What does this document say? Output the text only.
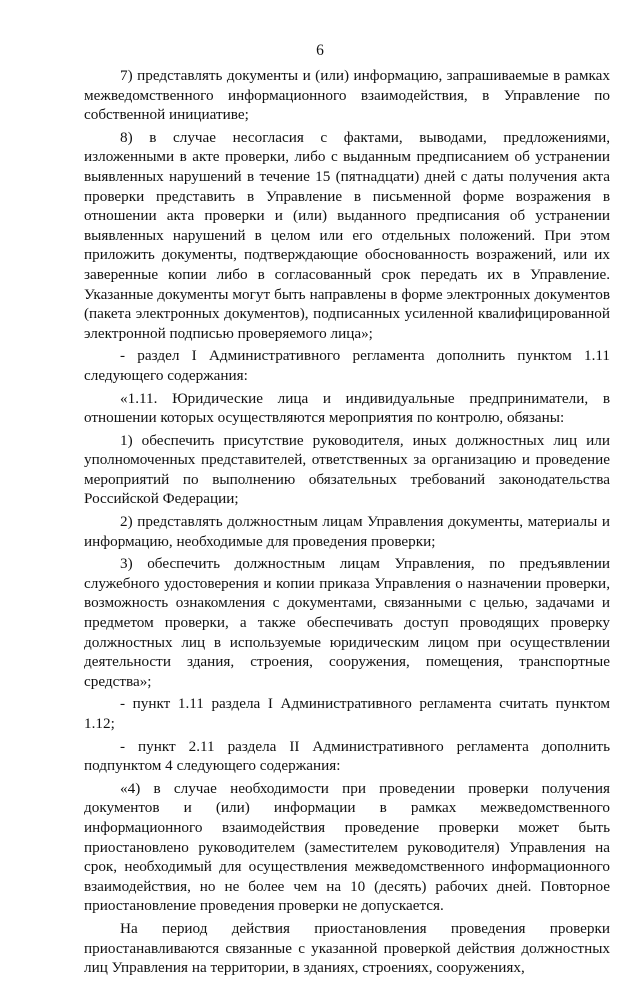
6

7) представлять документы и (или) информацию, запрашиваемые в рамках межведомственного информационного взаимодействия, в Управление по собственной инициативе;

8) в случае несогласия с фактами, выводами, предложениями, изложенными в акте проверки, либо с выданным предписанием об устранении выявленных нарушений в течение 15 (пятнадцати) дней с даты получения акта проверки представить в Управление в письменной форме возражения в отношении акта проверки и (или) выданного предписания об устранении выявленных нарушений в целом или его отдельных положений. При этом приложить документы, подтверждающие обоснованность возражений, или их заверенные копии либо в согласованный срок передать их в Управление. Указанные документы могут быть направлены в форме электронных документов (пакета электронных документов), подписанных усиленной квалифицированной электронной подписью проверяемого лица»;

- раздел I Административного регламента дополнить пунктом 1.11 следующего содержания:

«1.11. Юридические лица и индивидуальные предприниматели, в отношении которых осуществляются мероприятия по контролю, обязаны:

1) обеспечить присутствие руководителя, иных должностных лиц или уполномоченных представителей, ответственных за организацию и проведение мероприятий по выполнению обязательных требований законодательства Российской Федерации;

2) представлять должностным лицам Управления документы, материалы и информацию, необходимые для проведения проверки;

3) обеспечить должностным лицам Управления, по предъявлении служебного удостоверения и копии приказа Управления о назначении проверки, возможность ознакомления с документами, связанными с целью, задачами и предметом проверки, а также обеспечивать доступ проводящих проверку должностных лиц в используемые юридическим лицом при осуществлении деятельности здания, строения, сооружения, помещения, транспортные средства»;

- пункт 1.11 раздела I Административного регламента считать пунктом 1.12;

- пункт 2.11 раздела II Административного регламента дополнить подпунктом 4 следующего содержания:

«4) в случае необходимости при проведении проверки получения документов и (или) информации в рамках межведомственного информационного взаимодействия проведение проверки может быть приостановлено руководителем (заместителем руководителя) Управления на срок, необходимый для осуществления межведомственного информационного взаимодействия, но не более чем на 10 (десять) рабочих дней. Повторное приостановление проведения проверки не допускается.

На период действия приостановления проведения проверки приостанавливаются связанные с указанной проверкой действия должностных лиц Управления на территории, в зданиях, строениях, сооружениях,
